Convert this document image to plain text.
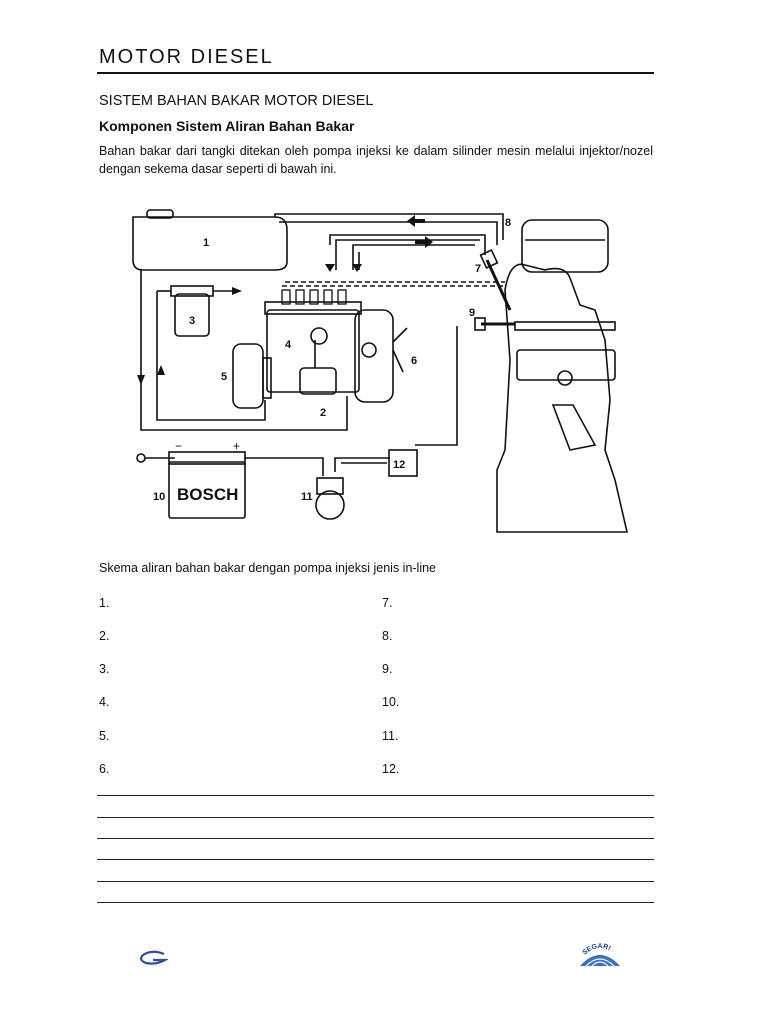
MOTOR DIESEL
SISTEM BAHAN BAKAR MOTOR DIESEL
Komponen Sistem Aliran Bahan Bakar
Bahan bakar dari tangki ditekan oleh pompa injeksi ke dalam silinder mesin melalui injektor/nozel dengan sekema dasar seperti di bawah ini.
1
2
3
4
5
6
7
8
9
10	11
12
BOSCH
−	+
Skema aliran bahan bakar dengan pompa injeksi jenis in-line
1.
2.
3.
4.
5.
6.
7.
8.
9.
10.
11.
12.
SEGAR!
